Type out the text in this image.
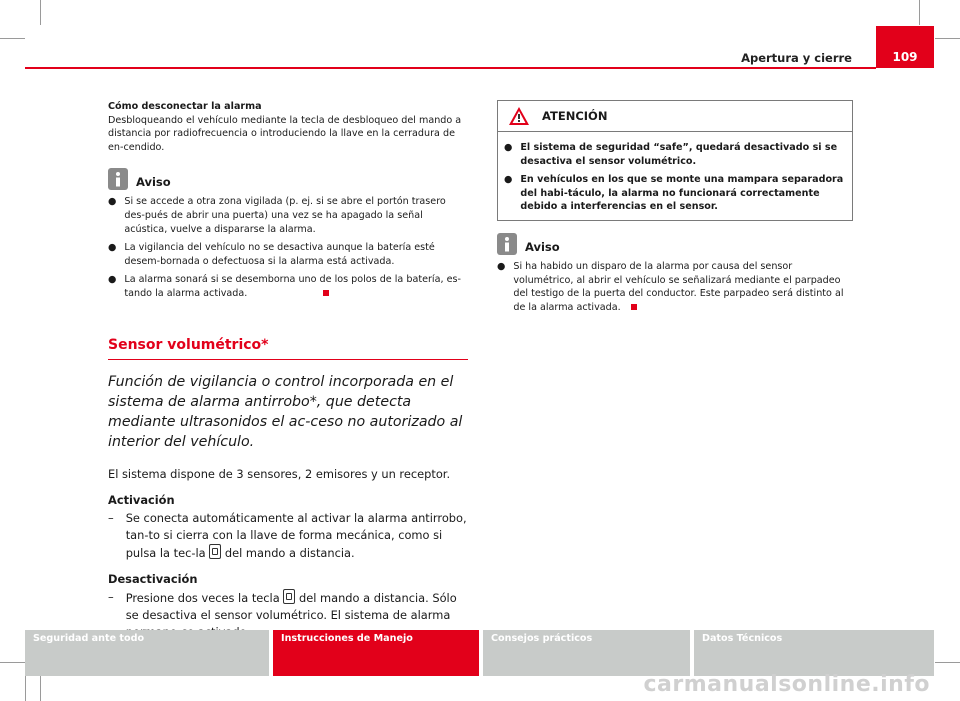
Apertura y cierre	109

Cómo desconectar la alarma

Desbloqueando el vehículo mediante la tecla de desbloqueo del mando a distancia por radiofrecuencia o introduciendo la llave en la cerradura de en-cendido.

Aviso
● Si se accede a otra zona vigilada (p. ej. si se abre el portón trasero des-pués de abrir una puerta) una vez se ha apagado la señal acústica, vuelve a dispararse la alarma.
● La vigilancia del vehículo no se desactiva aunque la batería esté desem-bornada o defectuosa si la alarma está activada.
● La alarma sonará si se desemborna uno de los polos de la batería, es-tando la alarma activada.
Sensor volumétrico*

Función de vigilancia o control incorporada en el sistema de alarma antirrobo*, que detecta mediante ultrasonidos el ac-ceso no autorizado al interior del vehículo.

El sistema dispone de 3 sensores, 2 emisores y un receptor.

Activación
– Se conecta automáticamente al activar la alarma antirrobo, tan-to si cierra con la llave de forma mecánica, como si pulsa la tec-la del mando a distancia.
Desactivación
– Presione dos veces la tecla del mando a distancia. Sólo se desactiva el sensor volumétrico. El sistema de alarma
ATENCIÓN
● El sistema de seguridad “safe”, quedará desactivado si se desactiva el sensor volumétrico.
● En vehículos en los que se monte una mampara separadora del habi-táculo, la alarma no funcionará correctamente debido a interferencias en el sensor.
Aviso
● Si ha habido un disparo de la alarma por causa del sensor volumétrico, al abrir el vehículo se señalizará mediante el parpadeo del testigo de la puerta del conductor. Este parpadeo será distinto al de la alarma activada.
Seguridad ante todo	Instrucciones de Manejo	Consejos prácticos	Datos Técnicos
carmanualsonline.info
